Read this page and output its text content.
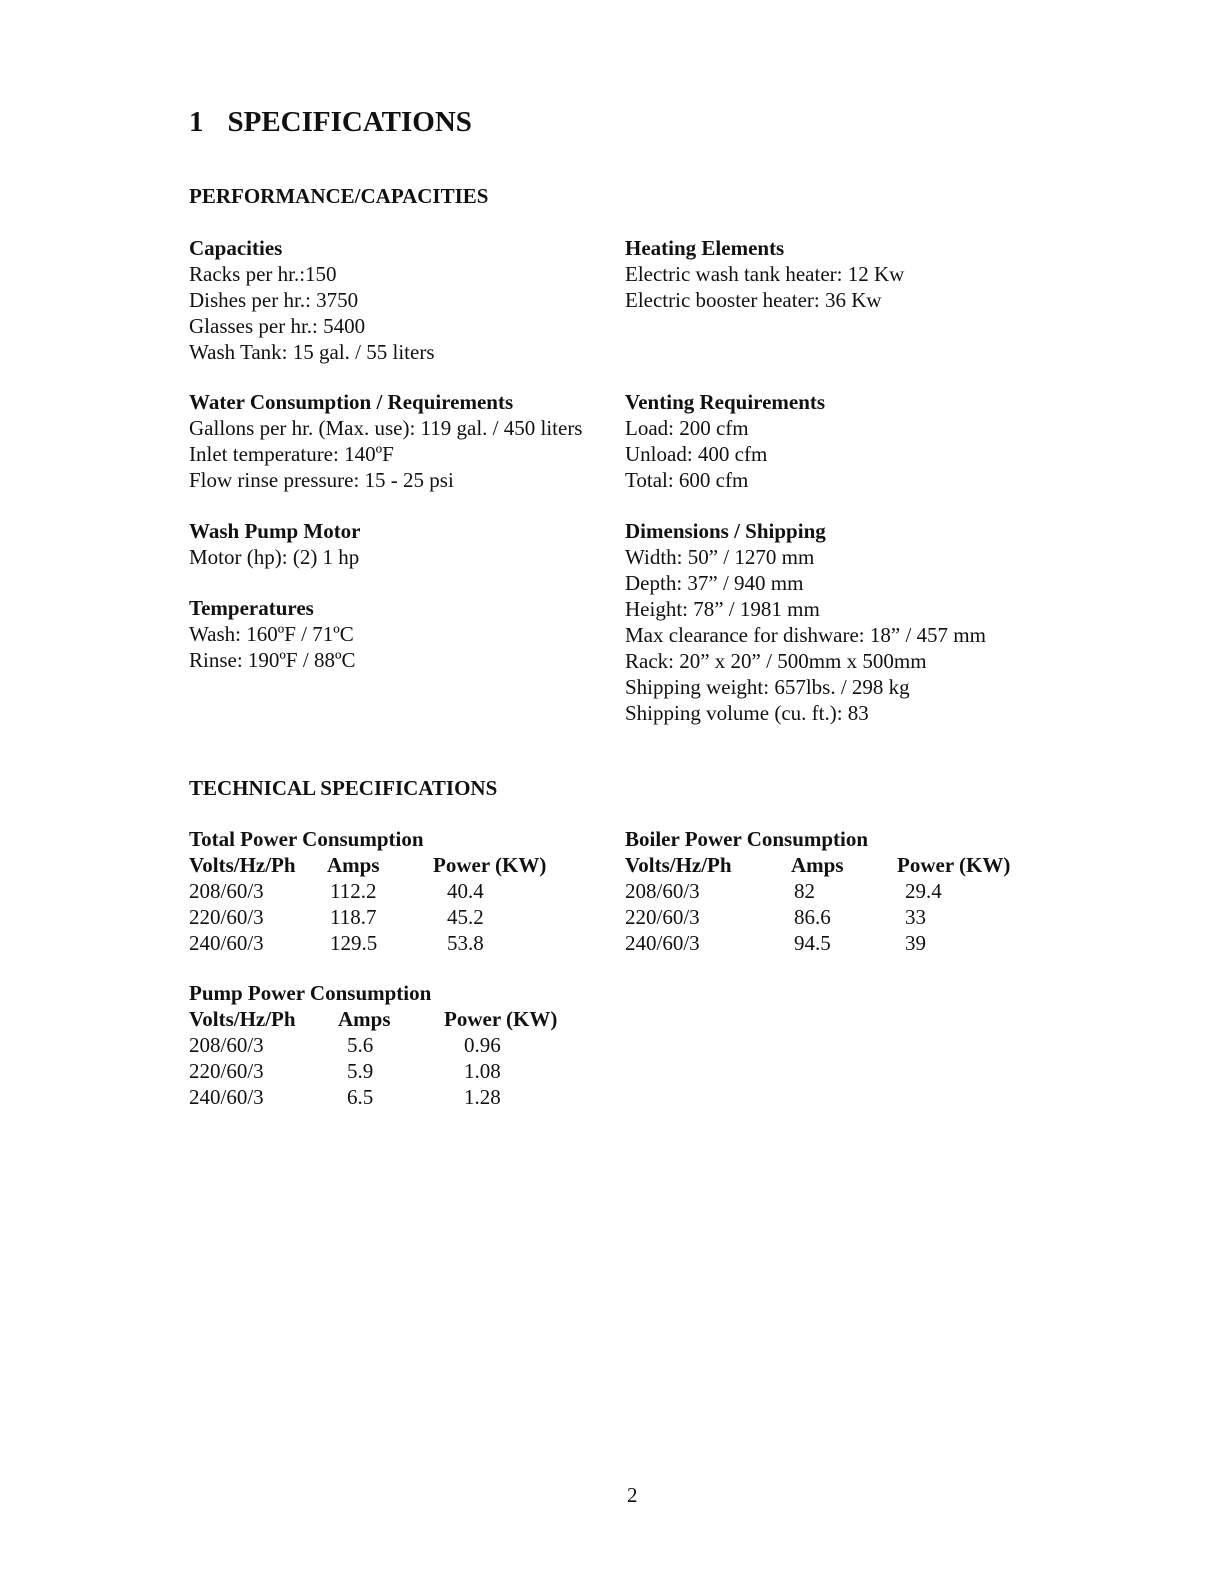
1 SPECIFICATIONS
PERFORMANCE/CAPACITIES
Capacities
Racks per hr.:150
Dishes per hr.: 3750
Glasses per hr.: 5400
Wash Tank: 15 gal. / 55 liters
Heating Elements
Electric wash tank heater: 12 Kw
Electric booster heater: 36 Kw
Water Consumption / Requirements
Gallons per hr. (Max. use): 119 gal. / 450 liters
Inlet temperature: 140ºF
Flow rinse pressure: 15 - 25 psi
Venting Requirements
Load: 200 cfm
Unload: 400 cfm
Total: 600 cfm
Wash Pump Motor
Motor (hp): (2) 1 hp
Temperatures
Wash: 160ºF / 71ºC
Rinse: 190ºF / 88ºC
Dimensions / Shipping
Width: 50” / 1270 mm
Depth: 37” / 940 mm
Height: 78” / 1981 mm
Max clearance for dishware: 18” / 457 mm
Rack: 20” x 20” / 500mm x 500mm
Shipping weight: 657lbs. / 298 kg
Shipping volume (cu. ft.): 83
TECHNICAL SPECIFICATIONS
Total Power Consumption
Volts/Hz/Ph Amps	Power (KW)
208/60/3	112.2	40.4
220/60/3	118.7	45.2
240/60/3	129.5	53.8
Boiler Power Consumption
Volts/Hz/Ph	Amps	Power (KW)
208/60/3	82	29.4
220/60/3	86.6	33
240/60/3	94.5	39
Pump Power Consumption
Volts/Hz/Ph Amps	Power (KW)
208/60/3	5.6	0.96
220/60/3	5.9	1.08
240/60/3	6.5	1.28
2
